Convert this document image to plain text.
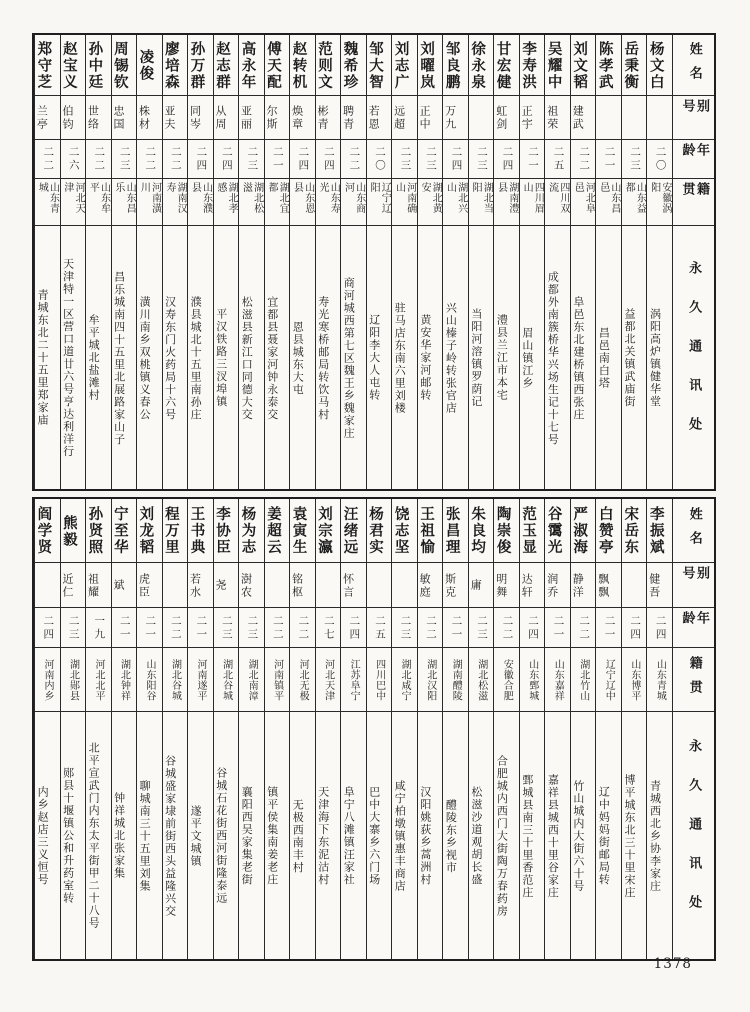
姓名
别号
年龄
籍贯
永久通讯处
杨文白
二〇
安徽涡阳
涡阳高炉镇健华堂
岳秉衡
二三
山东益都
益都北关镇武庙街
陈孝武
二一
山东昌邑
昌邑南白塔
刘文韬
建武
二二
河北阜邑
阜邑东北建桥镇西张庄
吴耀中
祖荣
二五
四川双流
成都外南簇桥华兴场生记十七号
李寿洪
正宇
二一
四川眉山
眉山镇江乡
甘宏健
虹剑
二四
湖南澧县
澧县兰江市本宅
徐永泉
二三
湖北当阳
当阳河溶镇罗荫记
邹良鹏
万九
二四
湖北兴山
兴山榛子岭转张官店
刘曜岚
正中
二三
湖北黄安
黄安华家河邮转
刘志广
远超
二三
河南确山
驻马店东南六里刘楼
邹大智
若恩
二〇
辽宁辽阳
辽阳李大人屯转
魏希珍
聘青
二二
山东商河
商河城西第七区魏王乡魏家庄
范则文
彬青
二四
山东寿光
寿光寒桥邮局转饮马村
赵转机
焕章
二四
山东恩县
恩县城东大屯
傅天配
尔斯
二一
湖北宜都
宜都县聂家河钟永泰交
高永年
亚丽
二三
湖北松滋
松滋县新江口同德大交
赵志群
从周
二四
湖北孝感
平汉铁路三汊埠镇
孙万群
同岑
二四
山东濮县
濮县城北十五里南孙庄
廖培森
亚夫
二二
湖南汉寿
汉寿东门火药局十六号
凌俊
株材
二二
河南潢川
潢川南乡双桃镇义春公
周锡钦
忠国
二三
山东昌乐
昌乐城南四十五里北展路家山子
孙中廷
世络
二二
山东牟平
牟平城北盐滩村
赵宝义
伯钧
二六
河北天津
天津特一区营口道廿六号亨达利洋行
郑守芝
兰亭
二二
山东青城
青城东北二十五里郑家庙
姓名
别号
年龄
籍贯
永久通讯处
李振斌
健吾
二四
山东青城
青城西北乡协李家庄
宋岳东
二四
山东博平
博平城东北三十里宋庄
白赞亭
飘飘
二一
辽宁辽中
辽中妈妈街邮局转
严淑海
静洋
二二
湖北竹山
竹山城内大街六十号
谷霭光
润乔
二一
山东嘉祥
嘉祥县城西十里谷家庄
范玉显
达轩
二四
山东鄄城
鄄城县南三十里香范庄
陶崇俊
明舞
二二
安徽合肥
合肥城内西门大街陶万春药房
朱良均
庸
二三
湖北松滋
松滋沙道观胡长盛
张昌理
斯克
二一
湖南醴陵
醴陵东乡视市
王祖愉
敏庭
二二
湖北汉阳
汉阳姚荻乡蒿洲村
饶志坚
二三
湖北咸宁
咸宁柏墩镇惠丰商店
杨君实
二五
四川巴中
巴中大寨乡六门场
汪绪远
怀言
二四
江苏阜宁
阜宁八滩镇汪家社
刘宗瀛
二七
河北天津
天津海下东泥沽村
袁寅生
铭枢
二二
河北无极
无极西南丰村
姜超云
二二
河南镇平
镇平侯集南姜老庄
杨为志
澍农
二三
湖北南漳
襄阳西吴家集老街
李协臣
尧
二三
湖北谷城
谷城石花街西河街隆泰远
王书典
若水
二一
河南遂平
遂平文城镇
程万里
二二
湖北谷城
谷城盛家埭前街西头益隆兴交
刘龙韬
虎臣
二一
山东阳谷
聊城南三十五里刘集
宁至华
斌
二一
湖北钟祥
钟祥城北张家集
孙贤照
祖耀
一九
河北北平
北平宣武门内东太平街甲二十八号
熊毅
近仁
二三
湖北郧县
郧县十堰镇公和升药室转
阎学贤
二四
河南内乡
内乡赵店三义恒号
1378
